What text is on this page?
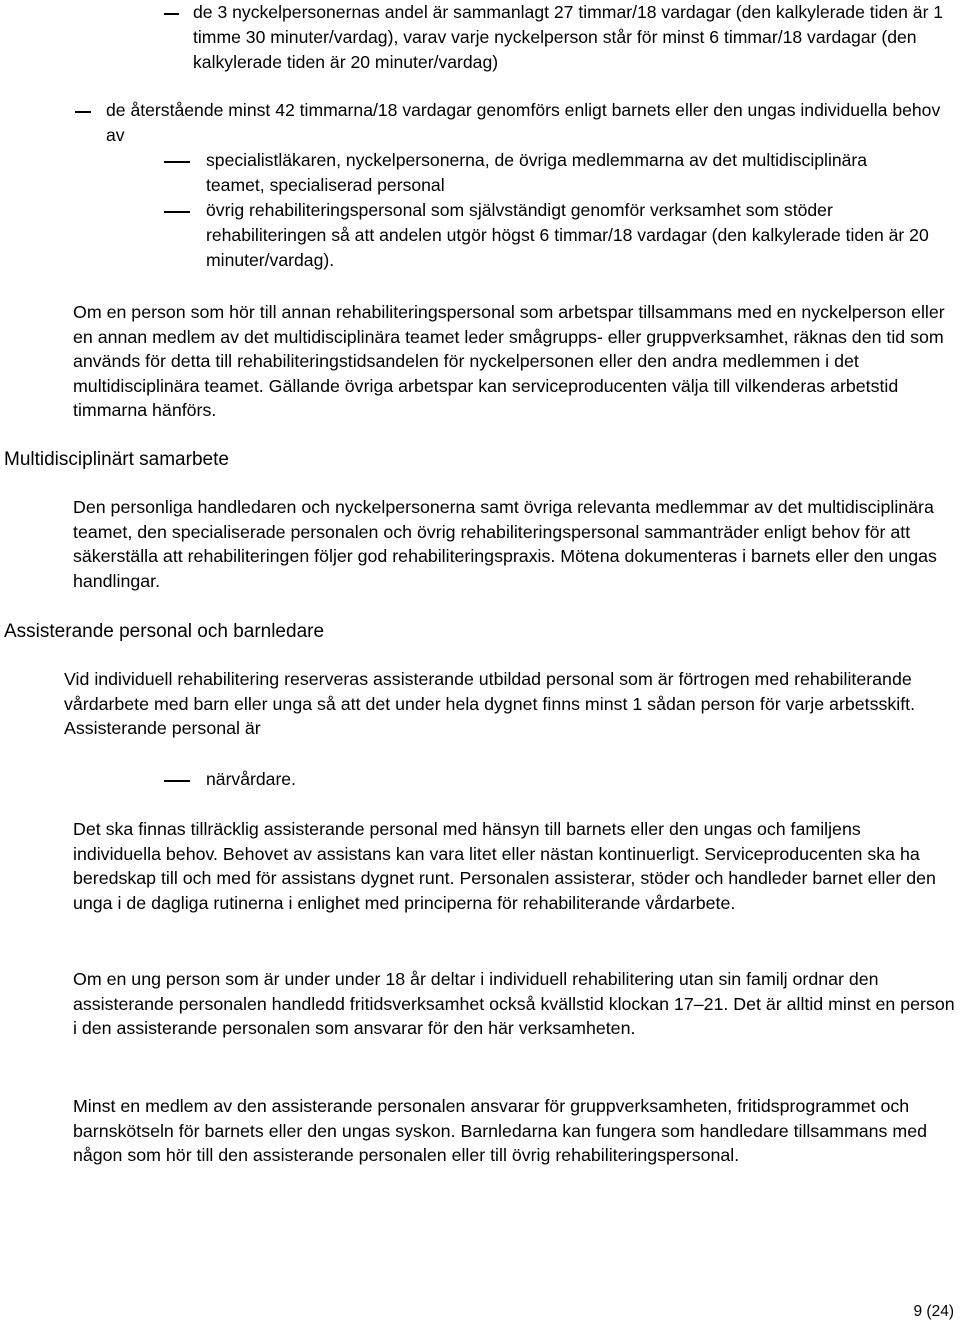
de 3 nyckelpersonernas andel är sammanlagt 27 timmar/18 vardagar (den kalkylerade tiden är 1 timme 30 minuter/vardag), varav varje nyckelperson står för minst 6 timmar/18 vardagar (den kalkylerade tiden är 20 minuter/vardag)

de återstående minst 42 timmarna/18 vardagar genomförs enligt barnets eller den ungas individuella behov av

specialistläkaren, nyckelpersonerna, de övriga medlemmarna av det multidisciplinära teamet, specialiserad personal

övrig rehabiliteringspersonal som självständigt genomför verksamhet som stöder rehabiliteringen så att andelen utgör högst 6 timmar/18 vardagar (den kalkylerade tiden är 20 minuter/vardag).

Om en person som hör till annan rehabiliteringspersonal som arbetspar tillsammans med en nyckelperson eller en annan medlem av det multidisciplinära teamet leder smågrupps- eller gruppverksamhet, räknas den tid som används för detta till rehabiliteringstidsandelen för nyckelpersonen eller den andra medlemmen i det multidisciplinära teamet. Gällande övriga arbetspar kan serviceproducenten välja till vilkenderas arbetstid timmarna hänförs.

Multidisciplinärt samarbete

Den personliga handledaren och nyckelpersonerna samt övriga relevanta medlemmar av det multidisciplinära teamet, den specialiserade personalen och övrig rehabiliteringspersonal sammanträder enligt behov för att säkerställa att rehabiliteringen följer god rehabiliteringspraxis. Mötena dokumenteras i barnets eller den ungas handlingar.

Assisterande personal och barnledare

Vid individuell rehabilitering reserveras assisterande utbildad personal som är förtrogen med rehabiliterande vårdarbete med barn eller unga så att det under hela dygnet finns minst 1 sådan person för varje arbetsskift. Assisterande personal är

närvårdare.

Det ska finnas tillräcklig assisterande personal med hänsyn till barnets eller den ungas och familjens individuella behov. Behovet av assistans kan vara litet eller nästan kontinuerligt. Serviceproducenten ska ha beredskap till och med för assistans dygnet runt. Personalen assisterar, stöder och handleder barnet eller den unga i de dagliga rutinerna i enlighet med principerna för rehabiliterande vårdarbete.

Om en ung person som är under under 18 år deltar i individuell rehabilitering utan sin familj ordnar den assisterande personalen handledd fritidsverksamhet också kvällstid klockan 17–21. Det är alltid minst en person i den assisterande personalen som ansvarar för den här verksamheten.

Minst en medlem av den assisterande personalen ansvarar för gruppverksamheten, fritidsprogrammet och barnskötseln för barnets eller den ungas syskon. Barnledarna kan fungera som handledare tillsammans med någon som hör till den assisterande personalen eller till övrig rehabiliteringspersonal.

9 (24)
